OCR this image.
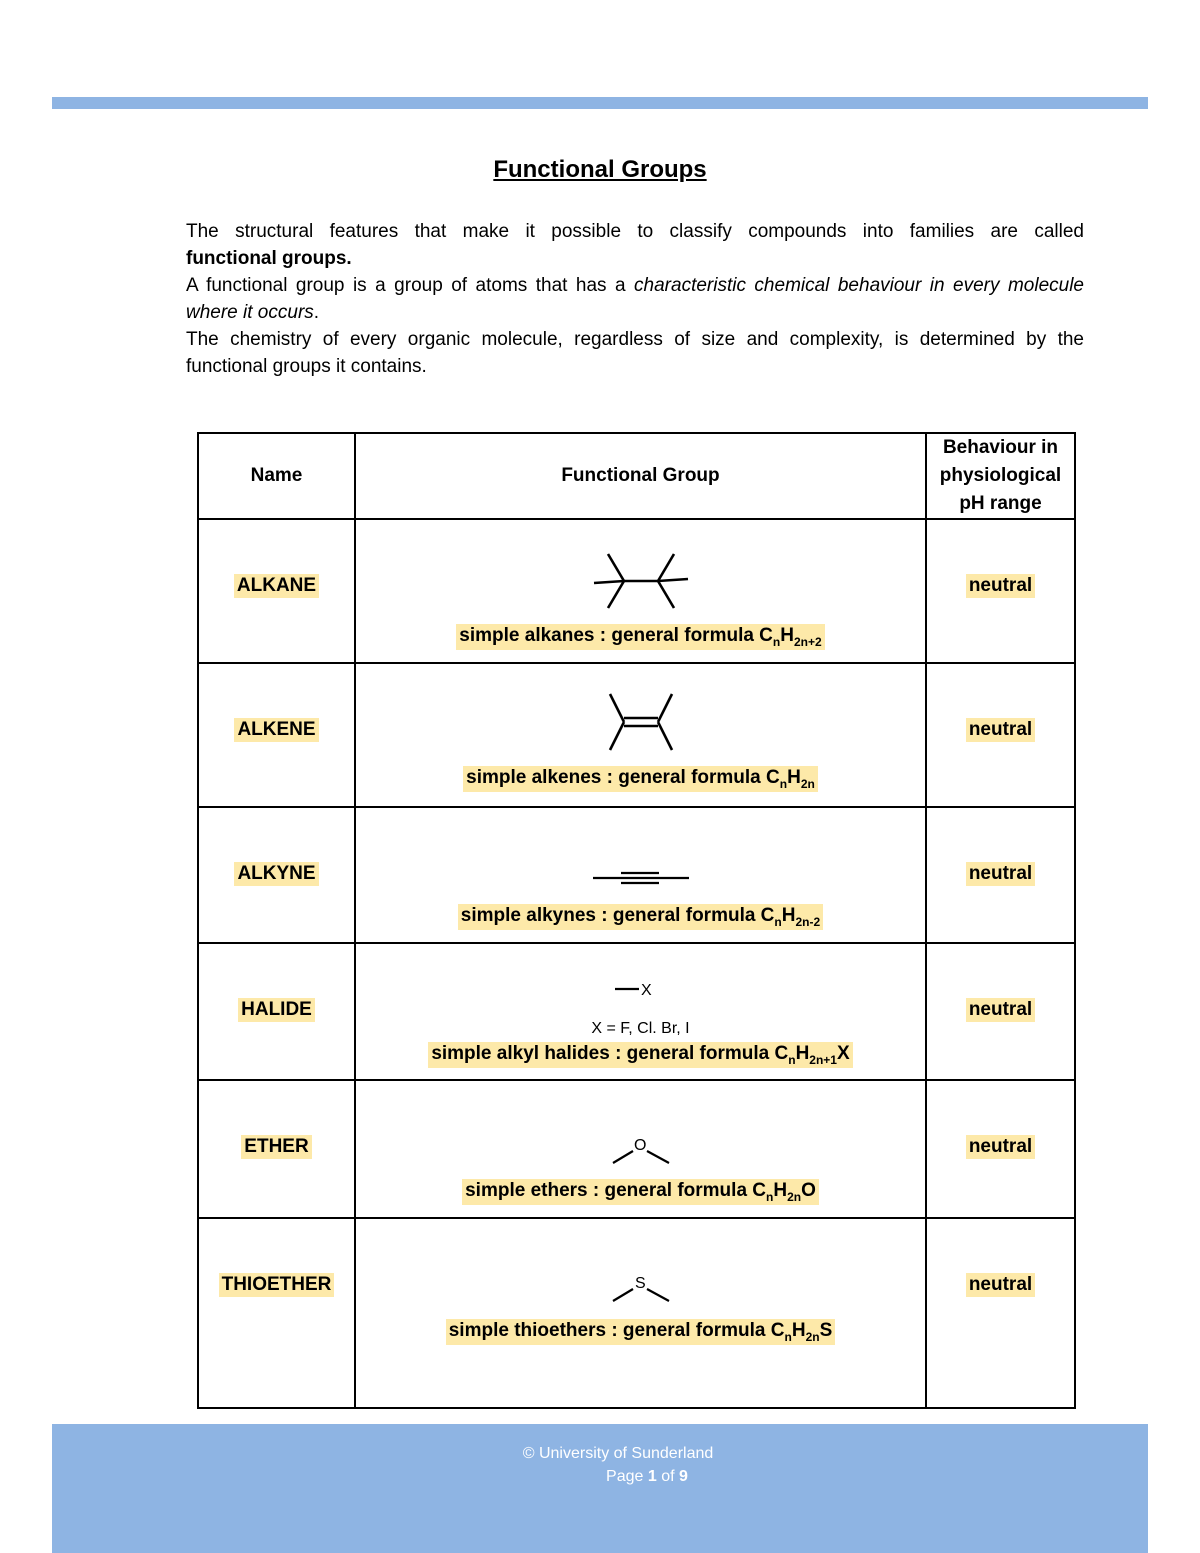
Functional Groups

The structural features that make it possible to classify compounds into families are called

functional groups.

A functional group is a group of atoms that has a characteristic chemical behaviour in every molecule where it occurs.

The chemistry of every organic molecule, regardless of size and complexity, is determined by the functional groups it contains.

Name	Functional Group	Behaviour in physiological pH range

ALKANE	simple alkanes : general formula $C_nH_{2n+2}$	neutral

ALKENE	simple alkenes : general formula $C_nH_{2n}$	neutral

ALKYNE	simple alkynes : general formula $C_nH_{2n-2}$	neutral

HALIDE	X
X = F, Cl. Br, I
simple alkyl halides : general formula $C_nH_{2n+1}X$	neutral

ETHER	O
simple ethers : general formula $C_nH_{2n}O$	neutral

THIOETHER	S
simple thioethers : general formula $C_nH_{2n}S$	neutral
© University of Sunderland
Page 1 of 9
